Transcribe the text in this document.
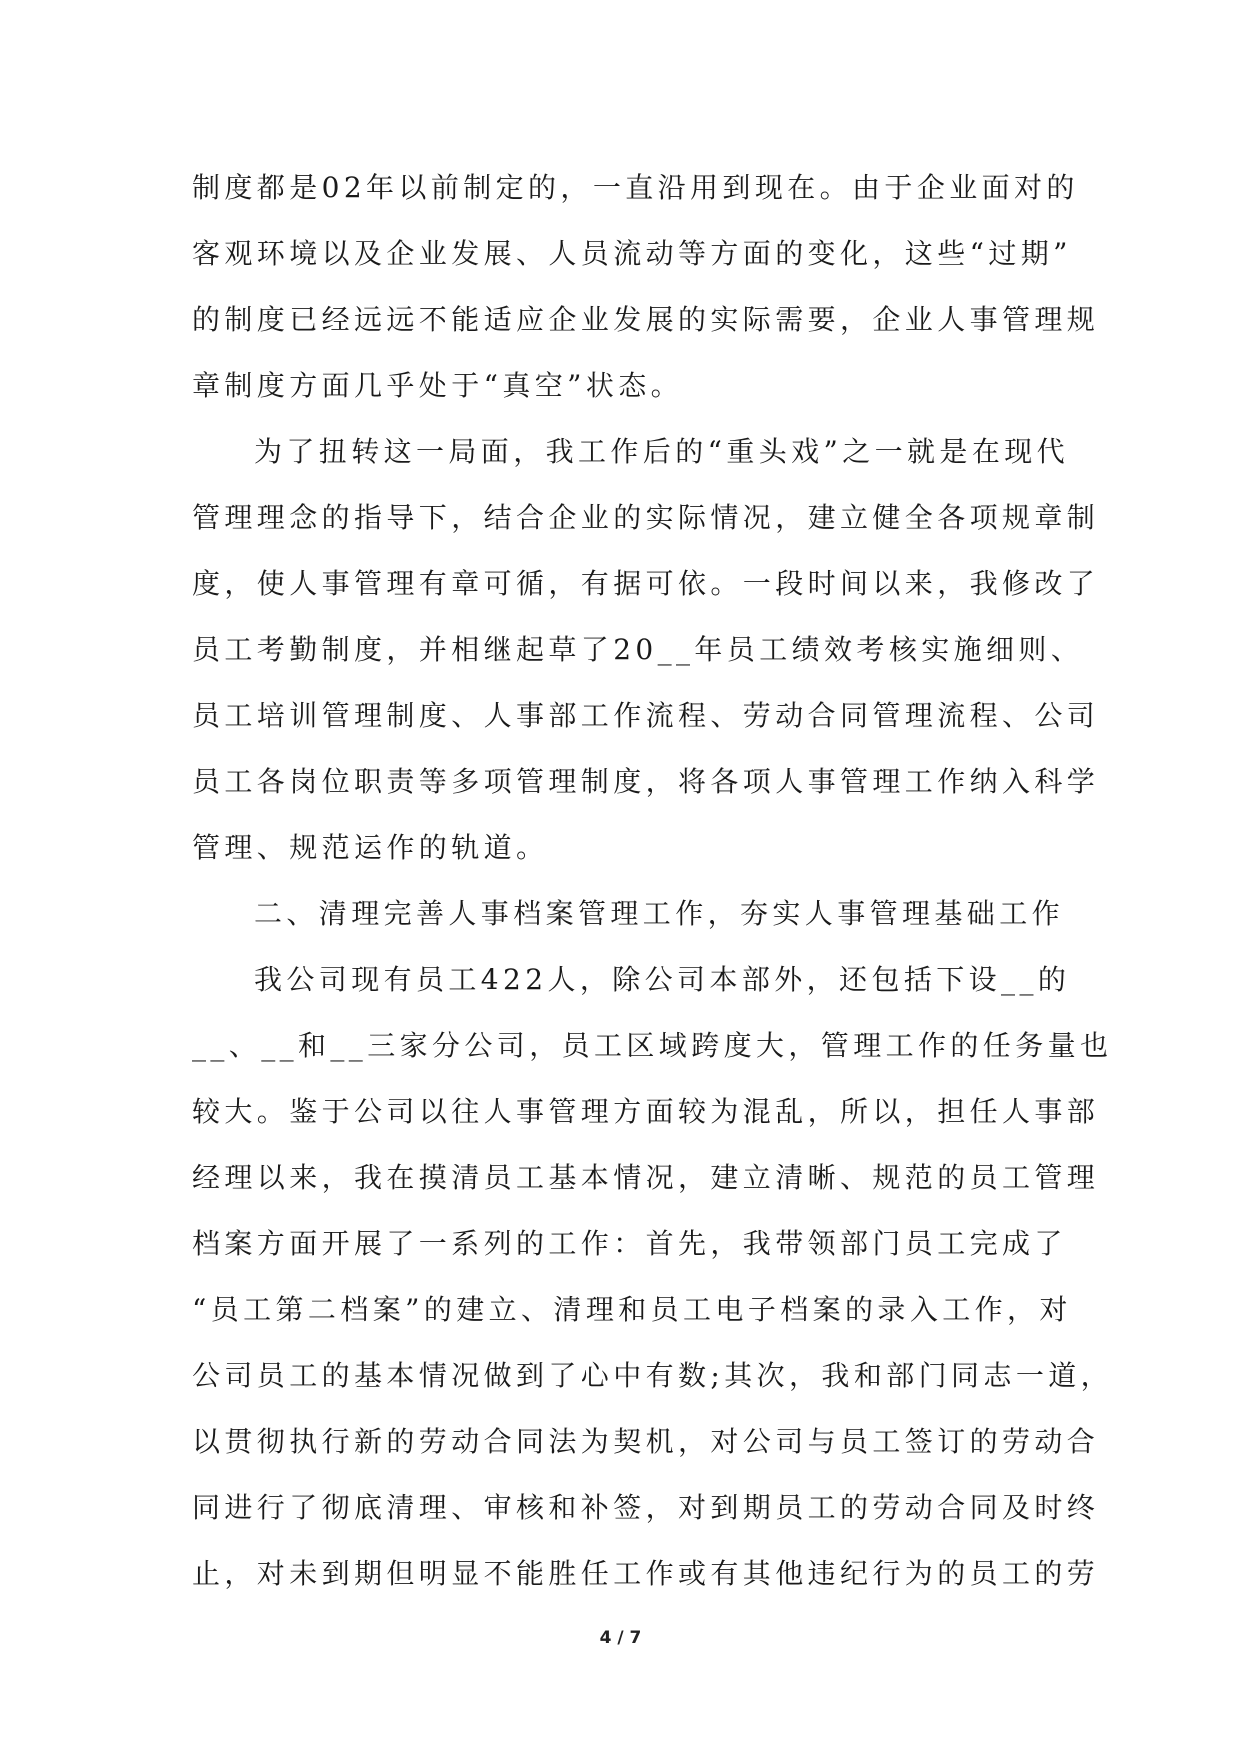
制度都是02年以前制定的，一直沿用到现在。由于企业面对的
客观环境以及企业发展、人员流动等方面的变化，这些“过期”
的制度已经远远不能适应企业发展的实际需要，企业人事管理规
章制度方面几乎处于“真空”状态。
为了扭转这一局面，我工作后的“重头戏”之一就是在现代
管理理念的指导下，结合企业的实际情况，建立健全各项规章制
度，使人事管理有章可循，有据可依。一段时间以来，我修改了
员工考勤制度，并相继起草了20__年员工绩效考核实施细则、
员工培训管理制度、人事部工作流程、劳动合同管理流程、公司
员工各岗位职责等多项管理制度，将各项人事管理工作纳入科学
管理、规范运作的轨道。
二、清理完善人事档案管理工作，夯实人事管理基础工作
我公司现有员工422人，除公司本部外，还包括下设__的
__、__和__三家分公司，员工区域跨度大，管理工作的任务量也
较大。鉴于公司以往人事管理方面较为混乱，所以，担任人事部
经理以来，我在摸清员工基本情况，建立清晰、规范的员工管理
档案方面开展了一系列的工作：首先，我带领部门员工完成了
“员工第二档案”的建立、清理和员工电子档案的录入工作，对
公司员工的基本情况做到了心中有数;其次，我和部门同志一道，
以贯彻执行新的劳动合同法为契机，对公司与员工签订的劳动合
同进行了彻底清理、审核和补签，对到期员工的劳动合同及时终
止，对未到期但明显不能胜任工作或有其他违纪行为的员工的劳
4 / 7
